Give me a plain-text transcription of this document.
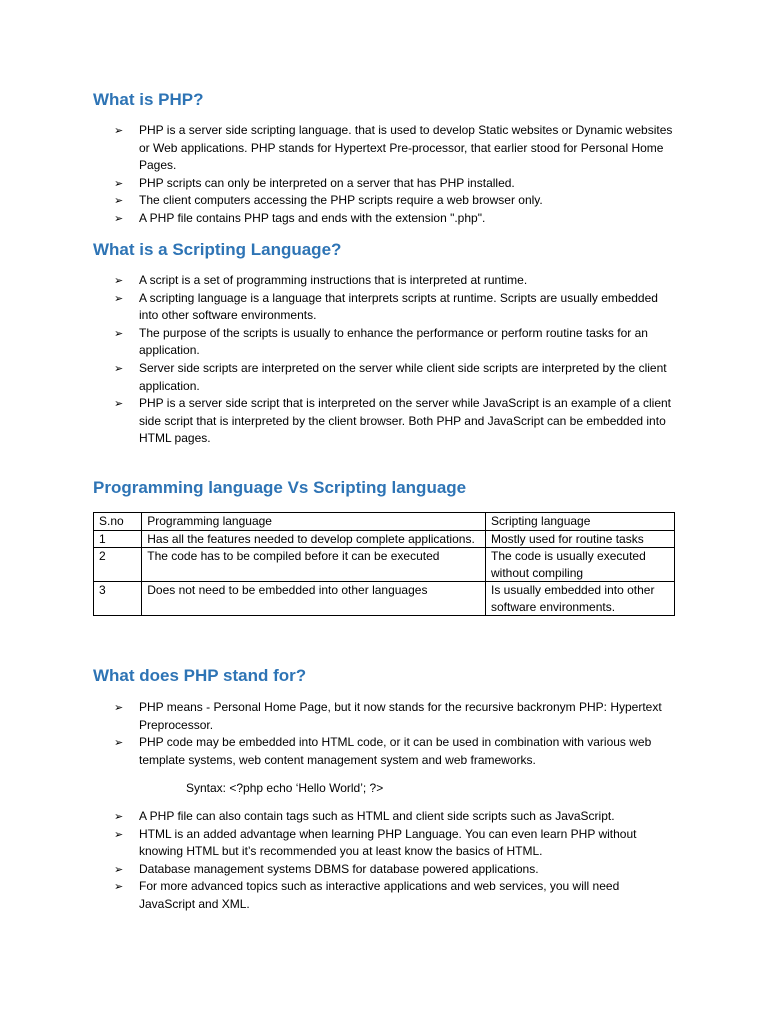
What is PHP?
➢ PHP is a server side scripting language. that is used to develop Static websites or Dynamic websites or Web applications. PHP stands for Hypertext Pre-processor, that earlier stood for Personal Home Pages.
➢ PHP scripts can only be interpreted on a server that has PHP installed.
➢ The client computers accessing the PHP scripts require a web browser only.
➢ A PHP file contains PHP tags and ends with the extension ".php".
What is a Scripting Language?
➢ A script is a set of programming instructions that is interpreted at runtime.
➢ A scripting language is a language that interprets scripts at runtime. Scripts are usually embedded into other software environments.
➢ The purpose of the scripts is usually to enhance the performance or perform routine tasks for an application.
➢ Server side scripts are interpreted on the server while client side scripts are interpreted by the client application.
➢ PHP is a server side script that is interpreted on the server while JavaScript is an example of a client side script that is interpreted by the client browser. Both PHP and JavaScript can be embedded into HTML pages.
Programming language Vs Scripting language
S.no	Programming language	Scripting language
1	Has all the features needed to develop complete applications.	Mostly used for routine tasks
2	The code has to be compiled before it can be executed	The code is usually executed without compiling
3	Does not need to be embedded into other languages	Is usually embedded into other software environments.
What does PHP stand for?
➢ PHP means - Personal Home Page, but it now stands for the recursive backronym PHP: Hypertext Preprocessor.
➢ PHP code may be embedded into HTML code, or it can be used in combination with various web template systems, web content management system and web frameworks.
Syntax: <?php echo ‘Hello World’; ?>
➢ A PHP file can also contain tags such as HTML and client side scripts such as JavaScript.
➢ HTML is an added advantage when learning PHP Language. You can even learn PHP without knowing HTML but it’s recommended you at least know the basics of HTML.
➢ Database management systems DBMS for database powered applications.
➢ For more advanced topics such as interactive applications and web services, you will need JavaScript and XML.
